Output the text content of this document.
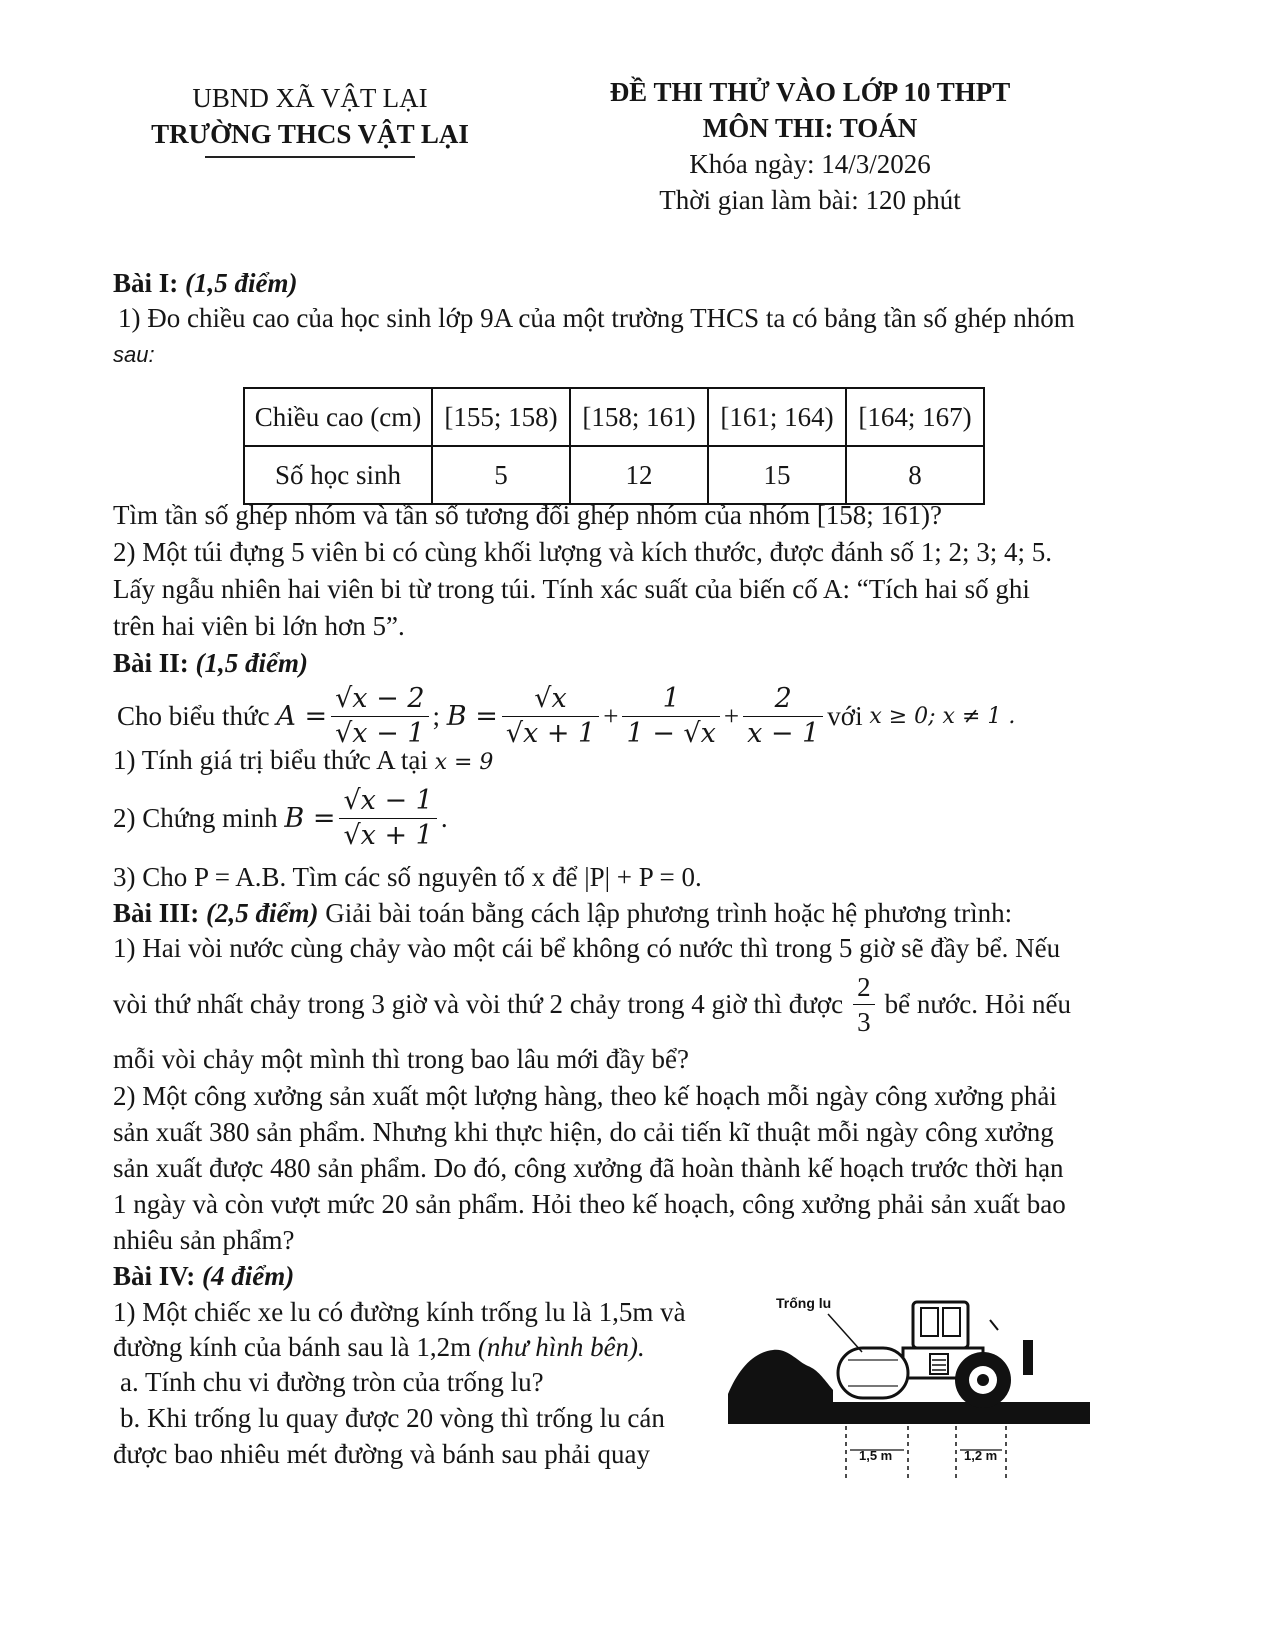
UBND XÃ VẬT LẠI
TRƯỜNG THCS VẬT LẠI
ĐỀ THI THỬ VÀO LỚP 10 THPT
MÔN THI: TOÁN
Khóa ngày: 14/3/2026
Thời gian làm bài: 120 phút
Bài I: (1,5 điểm)
1) Đo chiều cao của học sinh lớp 9A của một trường THCS ta có bảng tần số ghép nhóm
sau:
Chiều cao (cm)	[155; 158)	[158; 161)	[161; 164)	[164; 167)
Số học sinh	5	12	15	8
Tìm tần số ghép nhóm và tần số tương đối ghép nhóm của nhóm [158; 161)?
2) Một túi đựng 5 viên bi có cùng khối lượng và kích thước, được đánh số 1; 2; 3; 4; 5.
Lấy ngẫu nhiên hai viên bi từ trong túi. Tính xác suất của biến cố A: “Tích hai số ghi
trên hai viên bi lớn hơn 5”.
Bài II: (1,5 điểm)
Cho biểu thức
$A = \frac{√x - 2}{√x - 1}$ ;
$B = \frac{√x}{√x + 1} + \frac{1}{1 - √x} + \frac{2}{x - 1}$ với
x ≥ 0; x ≠ 1 .
1) Tính giá trị biểu thức A tại x = 9
2) Chứng minh
$B = \frac{√x - 1}{√x + 1}$ .
3) Cho P = A.B. Tìm các số nguyên tố x để |P| + P = 0.
Bài III: (2,5 điểm) Giải bài toán bằng cách lập phương trình hoặc hệ phương trình:
1) Hai vòi nước cùng chảy vào một cái bể không có nước thì trong 5 giờ sẽ đầy bể. Nếu
vòi thứ nhất chảy trong 3 giờ và vòi thứ 2 chảy trong 4 giờ thì được $\frac{2}{3}$ bể nước. Hỏi nếu
mỗi vòi chảy một mình thì trong bao lâu mới đầy bể?
2) Một công xưởng sản xuất một lượng hàng, theo kế hoạch mỗi ngày công xưởng phải
sản xuất 380 sản phẩm. Nhưng khi thực hiện, do cải tiến kĩ thuật mỗi ngày công xưởng
sản xuất được 480 sản phẩm. Do đó, công xưởng đã hoàn thành kế hoạch trước thời hạn
1 ngày và còn vượt mức 20 sản phẩm. Hỏi theo kế hoạch, công xưởng phải sản xuất bao
nhiêu sản phẩm?
Bài IV: (4 điểm)
1) Một chiếc xe lu có đường kính trống lu là 1,5m và
đường kính của bánh sau là 1,2m (như hình bên).
a. Tính chu vi đường tròn của trống lu?
b. Khi trống lu quay được 20 vòng thì trống lu cán
được bao nhiêu mét đường và bánh sau phải quay
Trống lu
1,5 m	1,2 m
